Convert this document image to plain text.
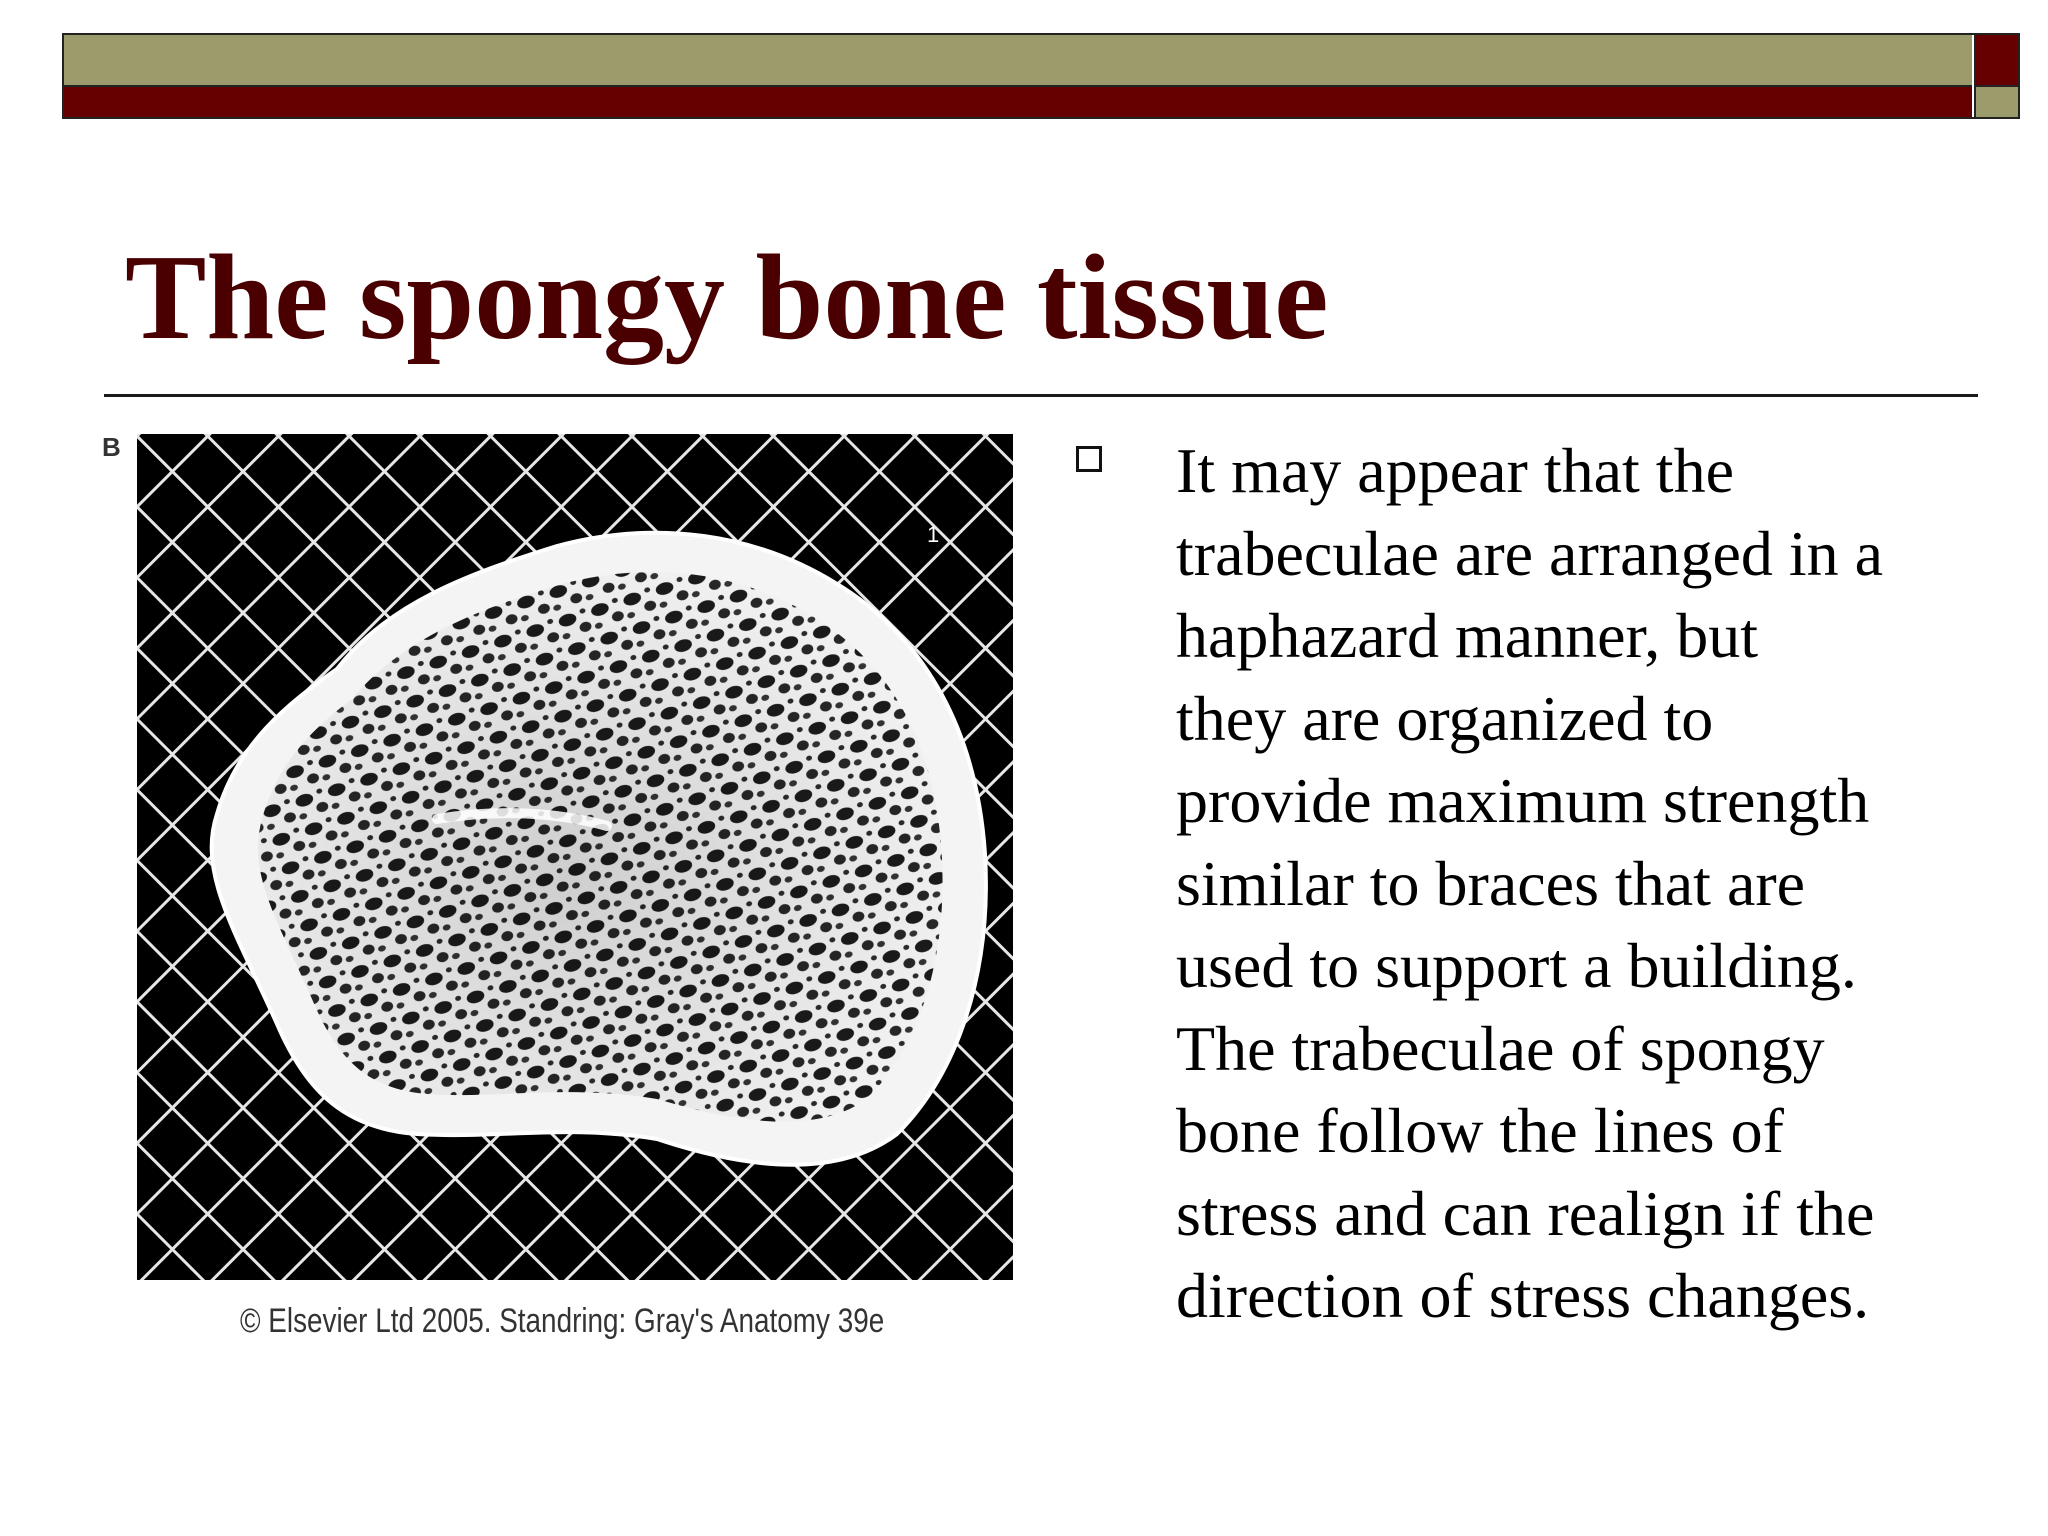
The spongy bone tissue
B
1
© Elsevier Ltd 2005. Standring: Gray's Anatomy 39e

It may appear that the
trabeculae are arranged in a
haphazard manner, but
they are organized to
provide maximum strength
similar to braces that are
used to support a building.
The trabeculae of spongy
bone follow the lines of
stress and can realign if the
direction of stress changes.
